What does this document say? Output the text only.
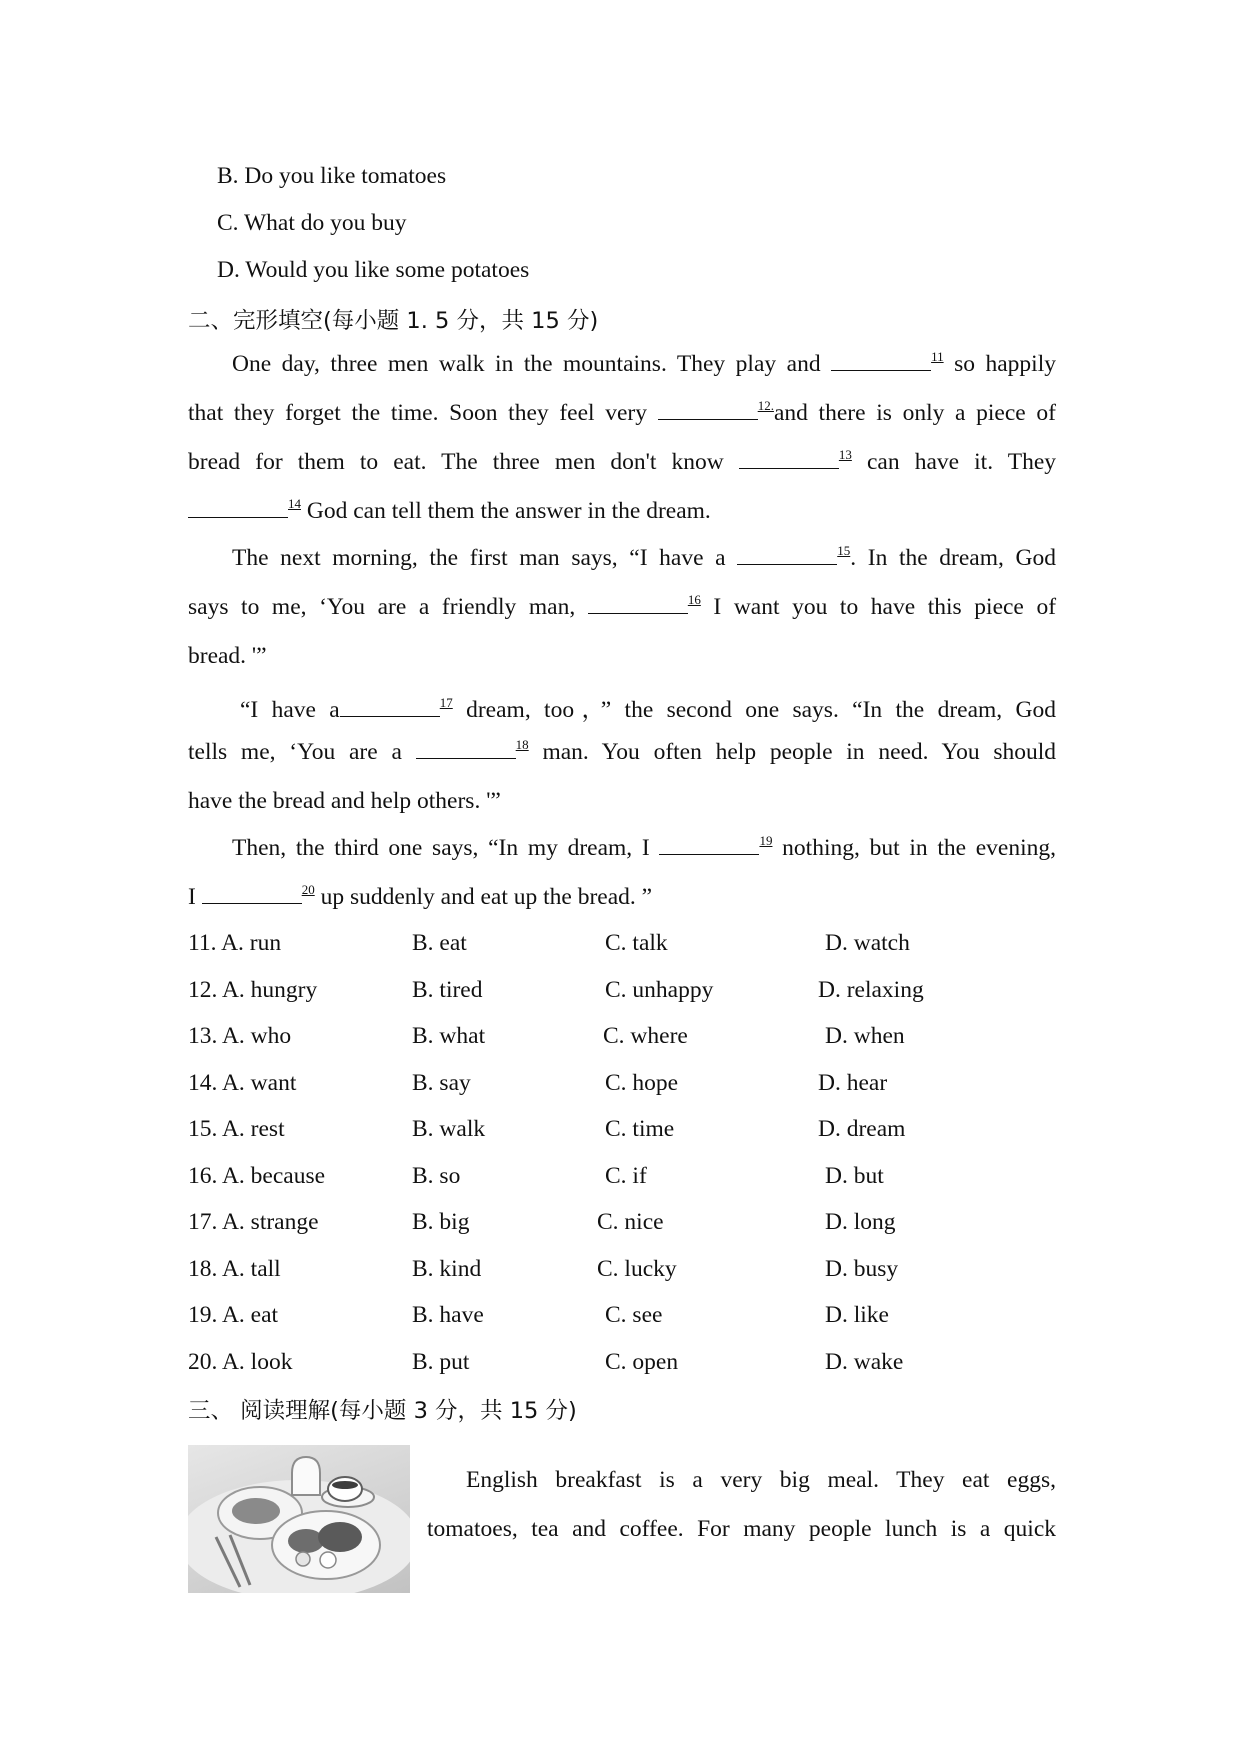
B. Do you like tomatoes
C. What do you buy
D. Would you like some potatoes
二、完形填空(每小题 1. 5 分，共 15 分)
One day, three men walk in the mountains. They play and	$^{11}$ so happily
that they forget the time. Soon they feel very	$^{12.}$and there is only a piece of
bread for them to eat. The three men don't know	$^{13}$ can have it. They
$^{14}$ God can tell them the answer in the dream.
The next morning, the first man says, “I have a	$^{15}$. In the dream, God
says to me, ‘You are a friendly man,	$^{16}$ I want you to have this piece of
bread. '”
“I have a	$^{17}$ dream, too，” the second one says. “In the dream, God
tells me, ‘You are a	$^{18}$ man. You often help people in need. You should
have the bread and help others. '”
Then, the third one says, “In my dream, I	$^{19}$ nothing, but in the evening,
I	$^{20}$ up suddenly and eat up the bread. ”
11. A. run	B. eat	C. talk	D. watch
12. A. hungry	B. tired	C. unhappy	D. relaxing
13. A. who	B. what	C. where	D. when
14. A. want	B. say	C. hope	D. hear
15. A. rest	B. walk	C. time	D. dream
16. A. because	B. so	C. if	D. but
17. A. strange	B. big	C. nice	D. long
18. A. tall	B. kind	C. lucky	D. busy
19. A. eat	B. have	C. see	D. like
20. A. look	B. put	C. open	D. wake
三、 阅读理解(每小题 3 分，共 15 分)
English breakfast is a very big meal. They eat eggs,
tomatoes, tea and coffee. For many people lunch is a quick
